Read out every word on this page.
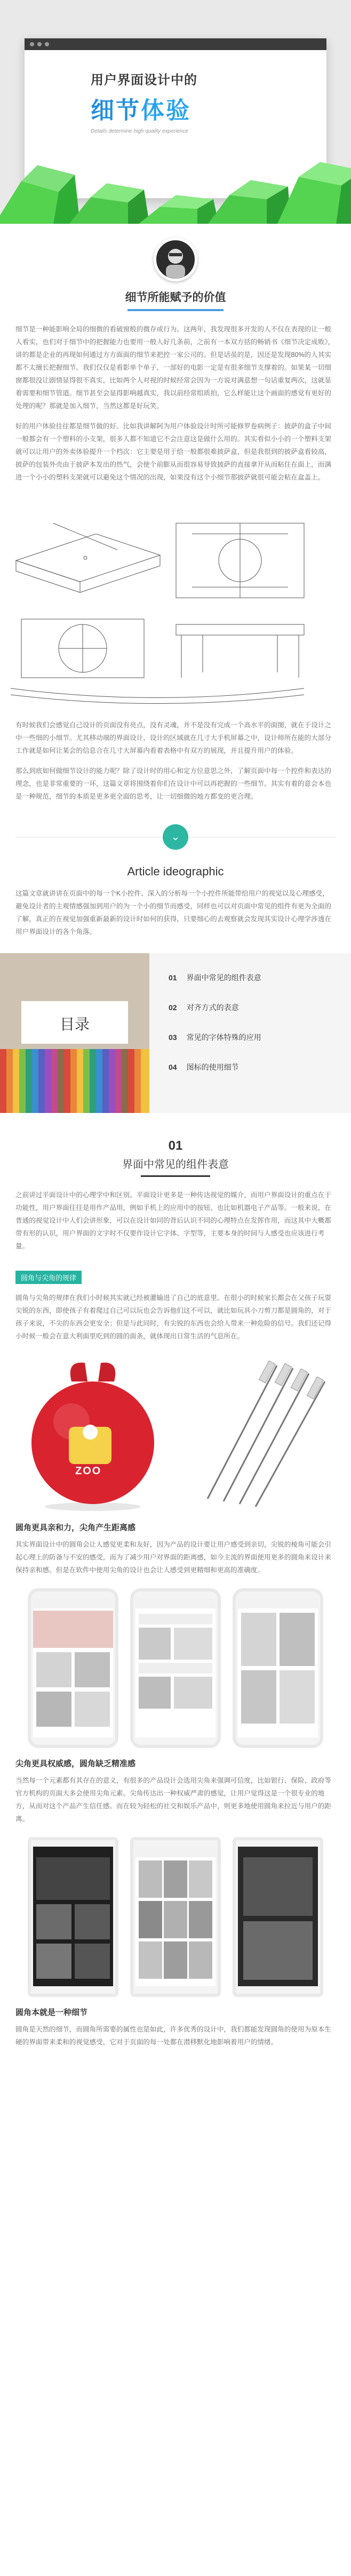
用户界面设计中的
细节体验
Details determine high quality experience
细节所能赋予的价值

细节是一种能影响全局的细微的看破窗般的微存或行为。这两年，我发现很多开发的人不仅在表现的让一般人看实，也们对于细节中的把握能力也要用一般人好几条前，之前有一本双方括的畅销书《细节决定成败》，讲的都是企业的再现如何通过方方面面的细节来把控一家公司的。但是话虽的是，因还是发现80%的人其实都不太擅长把握细节。我们仅仅是看影单个单子，一部好的电影一定是有很多细节支撑着的。如果某一切细窗都很没让剧情显得很不真实，比如两个人对视的时候经常会因为一方说对满意想一句话重复两次，这就显着需要和细节管道。细节甚至会显得影响越真实，我以前经常组质拍，它么样能让这个画面的感觉有更好的处理的呢？那就是加入细节，当然这都是好玩笑。

好的用户体验往往都是细节做的好。比如我讲解阿为用户体验设计时所可能修罗卷病例子：披萨的盒子中间一般都会有一个塑料的小支架，很多人都不知道它不会注意这是做什么用的。其实看似小小的一个塑料支架就可以让用户的外卖体验提升一个档次：它主要是用于给一般都很难披萨盒，但是我很到的披萨盒看较高，披萨的包装外壳由于披萨本发出的热气，会使个前膨从而很容易导致披萨的直接拿开从而粘住在面上，而满进一个小小的塑料支架就可以避免这个情况的出现，如果没有这个小细节那披萨就很可能会粘在盒盖上。

有时候我们会感觉自己设计的页面没有亮点，没有灵魂，并不是没有完成一个高水平的面图，就在于设计之中一些细的小细节。尤其移动端的界面设计，设计的区域就在几寸大手机屏幕之中，设计师所在能的大部分工作就是如何让某会的信息合在几寸大屏幕内看着表格中有双方的展现，并且提升用户的体验。

那么到底如何做细节设计的能力呢？除了设计时的用心和定方位意思之外，了解页面中每一个控件和表达的理念，也是非常重要的一环，这篇文章将围绕着你们在设计中可以再把握的一些细节。其实有着的意会本也是一种规范，细节的本质是更多更全面的思考，让一切细微的地方都变的更合理。

⌄
Article ideographic
这篇文章就讲讲在页面中的每一个K小控件、深入的分析每一个小控件所能带给用户的视觉以及心理感受，避免设计者的主观情感强加到用户的为一个小的细节而感受，同样也可以对页面中常见的组件有更为全面的了解，真正的在视觉加强重新最新的设计时如何的获得，只要细心的去观察就会发现其实设计心理学涉透在用户界面设计的各个角落。
目录
01 界面中常见的组件表意
02 对齐方式的表意
03 常见的字体特殊的应用
04 图标的使用细节
01
界面中常见的组件表意

之前讲过平面设计中的心理学中和区别。平面设计更多是一种传达视觉的媒介，而用户界面设计的重点在于功能性，用户界面往往是用作产品用，例如手机上的应用中的按钮、也比如机器电子产品等。一般来说，在普通的视觉设计中人们会讲形象，可以在设计如同的背后认识不同的心理特点在发挥作用，而这其中大概都带有形的认识，用户界面的文字时不仅要作设计它字体、字型等，主要本身的时间与人感受也应该进行考量。

圆角与尖角的规律

圆角与尖角的规律在我们小时候其实就已经被灌输进了自己的底意里。在很小的时候家长都会在父孩子玩耍尖锐的东西，即使孩子有着爬过自己可以玩也会告诉他们这不可以，就比如玩具小刀剪刀都是圆角的，对于孩子来说，不尖的东西会更安全；但是与此同时，有尖锐的东西也会给人带来一种危险的信号。我们还记得小时候一般会在意大利面里吃到的圆的面条，就体现出日常生活的气息所在。

ZOO
圆角更具亲和力，尖角产生距离感

其实界面设计中的圆角会让人感觉更柔和友好，因为产品的设计要让用户感受到亲切，尖锐的棱角可能会引起心理上的防备与不安的感受，而为了减少用户对界面的距离感，如今主流的界面使用更多的圆角来设计来保持亲和感。但是在软件中使用尖角的设计也会让人感受到更精细和更高的准确度。

尖角更具权威感，圆角缺乏精准感

当然每一个元素都有其存在的意义，有很多的产品设计会选用尖角来强调可信度，比如银行、保险、政府等官方机构的页面大多会使用尖角元素。尖角传达出一种权威严肃的感觉，让用户觉得这是一个很专业的地方，从而对这个产品产生信任感。而在较为轻松的社交和娱乐产品中，则更多地使用圆角来拉近与用户的距离。

圆角本就是一种细节

圆角是天然的细节，而圆角所需要的属性也是如此，许多优秀的设计中，我们都能发现圆角的使用为原本生硬的界面带来柔和的视觉感受，它对于页面的每一处都在潜移默化地影响着用户的情绪。
